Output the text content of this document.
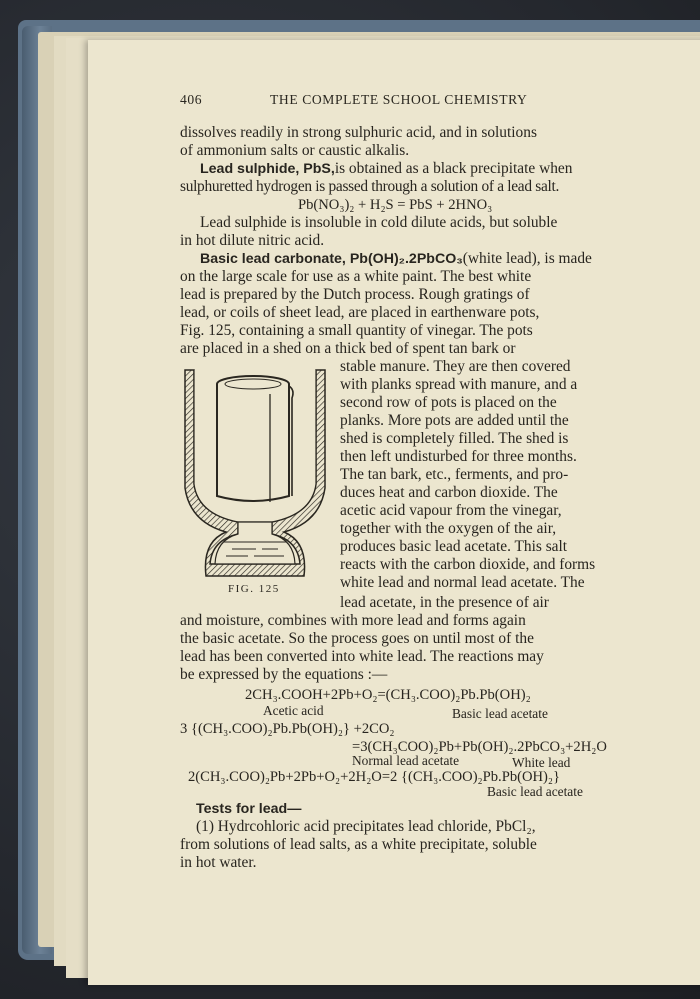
406	THE COMPLETE SCHOOL CHEMISTRY
dissolves readily in strong sulphuric acid, and in solutions
of ammonium salts or caustic alkalis.
Lead sulphide, PbS, is obtained as a black precipitate when
sulphuretted hydrogen is passed through a solution of a lead salt.
Pb(NO₃)₂ + H₂S = PbS + 2HNO₃
Lead sulphide is insoluble in cold dilute acids, but soluble
in hot dilute nitric acid.
Basic lead carbonate, Pb(OH)₂.2PbCO₃ (white lead), is made
on the large scale for use as a white paint. The best white
lead is prepared by the Dutch process. Rough gratings of
lead, or coils of sheet lead, are placed in earthenware pots,
Fig. 125, containing a small quantity of vinegar. The pots
are placed in a shed on a thick bed of spent tan bark or
stable manure. They are then covered
with planks spread with manure, and a
second row of pots is placed on the
planks. More pots are added until the
shed is completely filled. The shed is
then left undisturbed for three months.
The tan bark, etc., ferments, and pro-
duces heat and carbon dioxide. The
acetic acid vapour from the vinegar,
together with the oxygen of the air,
produces basic lead acetate. This salt
reacts with the carbon dioxide, and forms
white lead and normal lead acetate. The
lead acetate, in the presence of air
and moisture, combines with more lead and forms again
the basic acetate. So the process goes on until most of the
lead has been converted into white lead. The reactions may
be expressed by the equations :—
2CH₃.COOH+2Pb+O₂=(CH₃.COO)₂Pb.Pb(OH)₂
Acetic acid	Basic lead acetate
3 {(CH₃.COO)₂Pb.Pb(OH)₂} +2CO₂
=3(CH₃COO)₂Pb+Pb(OH)₂.2PbCO₃+2H₂O
Normal lead acetate	White lead
2(CH₃.COO)₂Pb+2Pb+O₂+2H₂O=2 {(CH₃.COO)₂Pb.Pb(OH)₂}
Basic lead acetate
Tests for lead—
(1) Hydrcohloric acid precipitates lead chloride, PbCl₂,
from solutions of lead salts, as a white precipitate, soluble
in hot water.
FIG. 125
